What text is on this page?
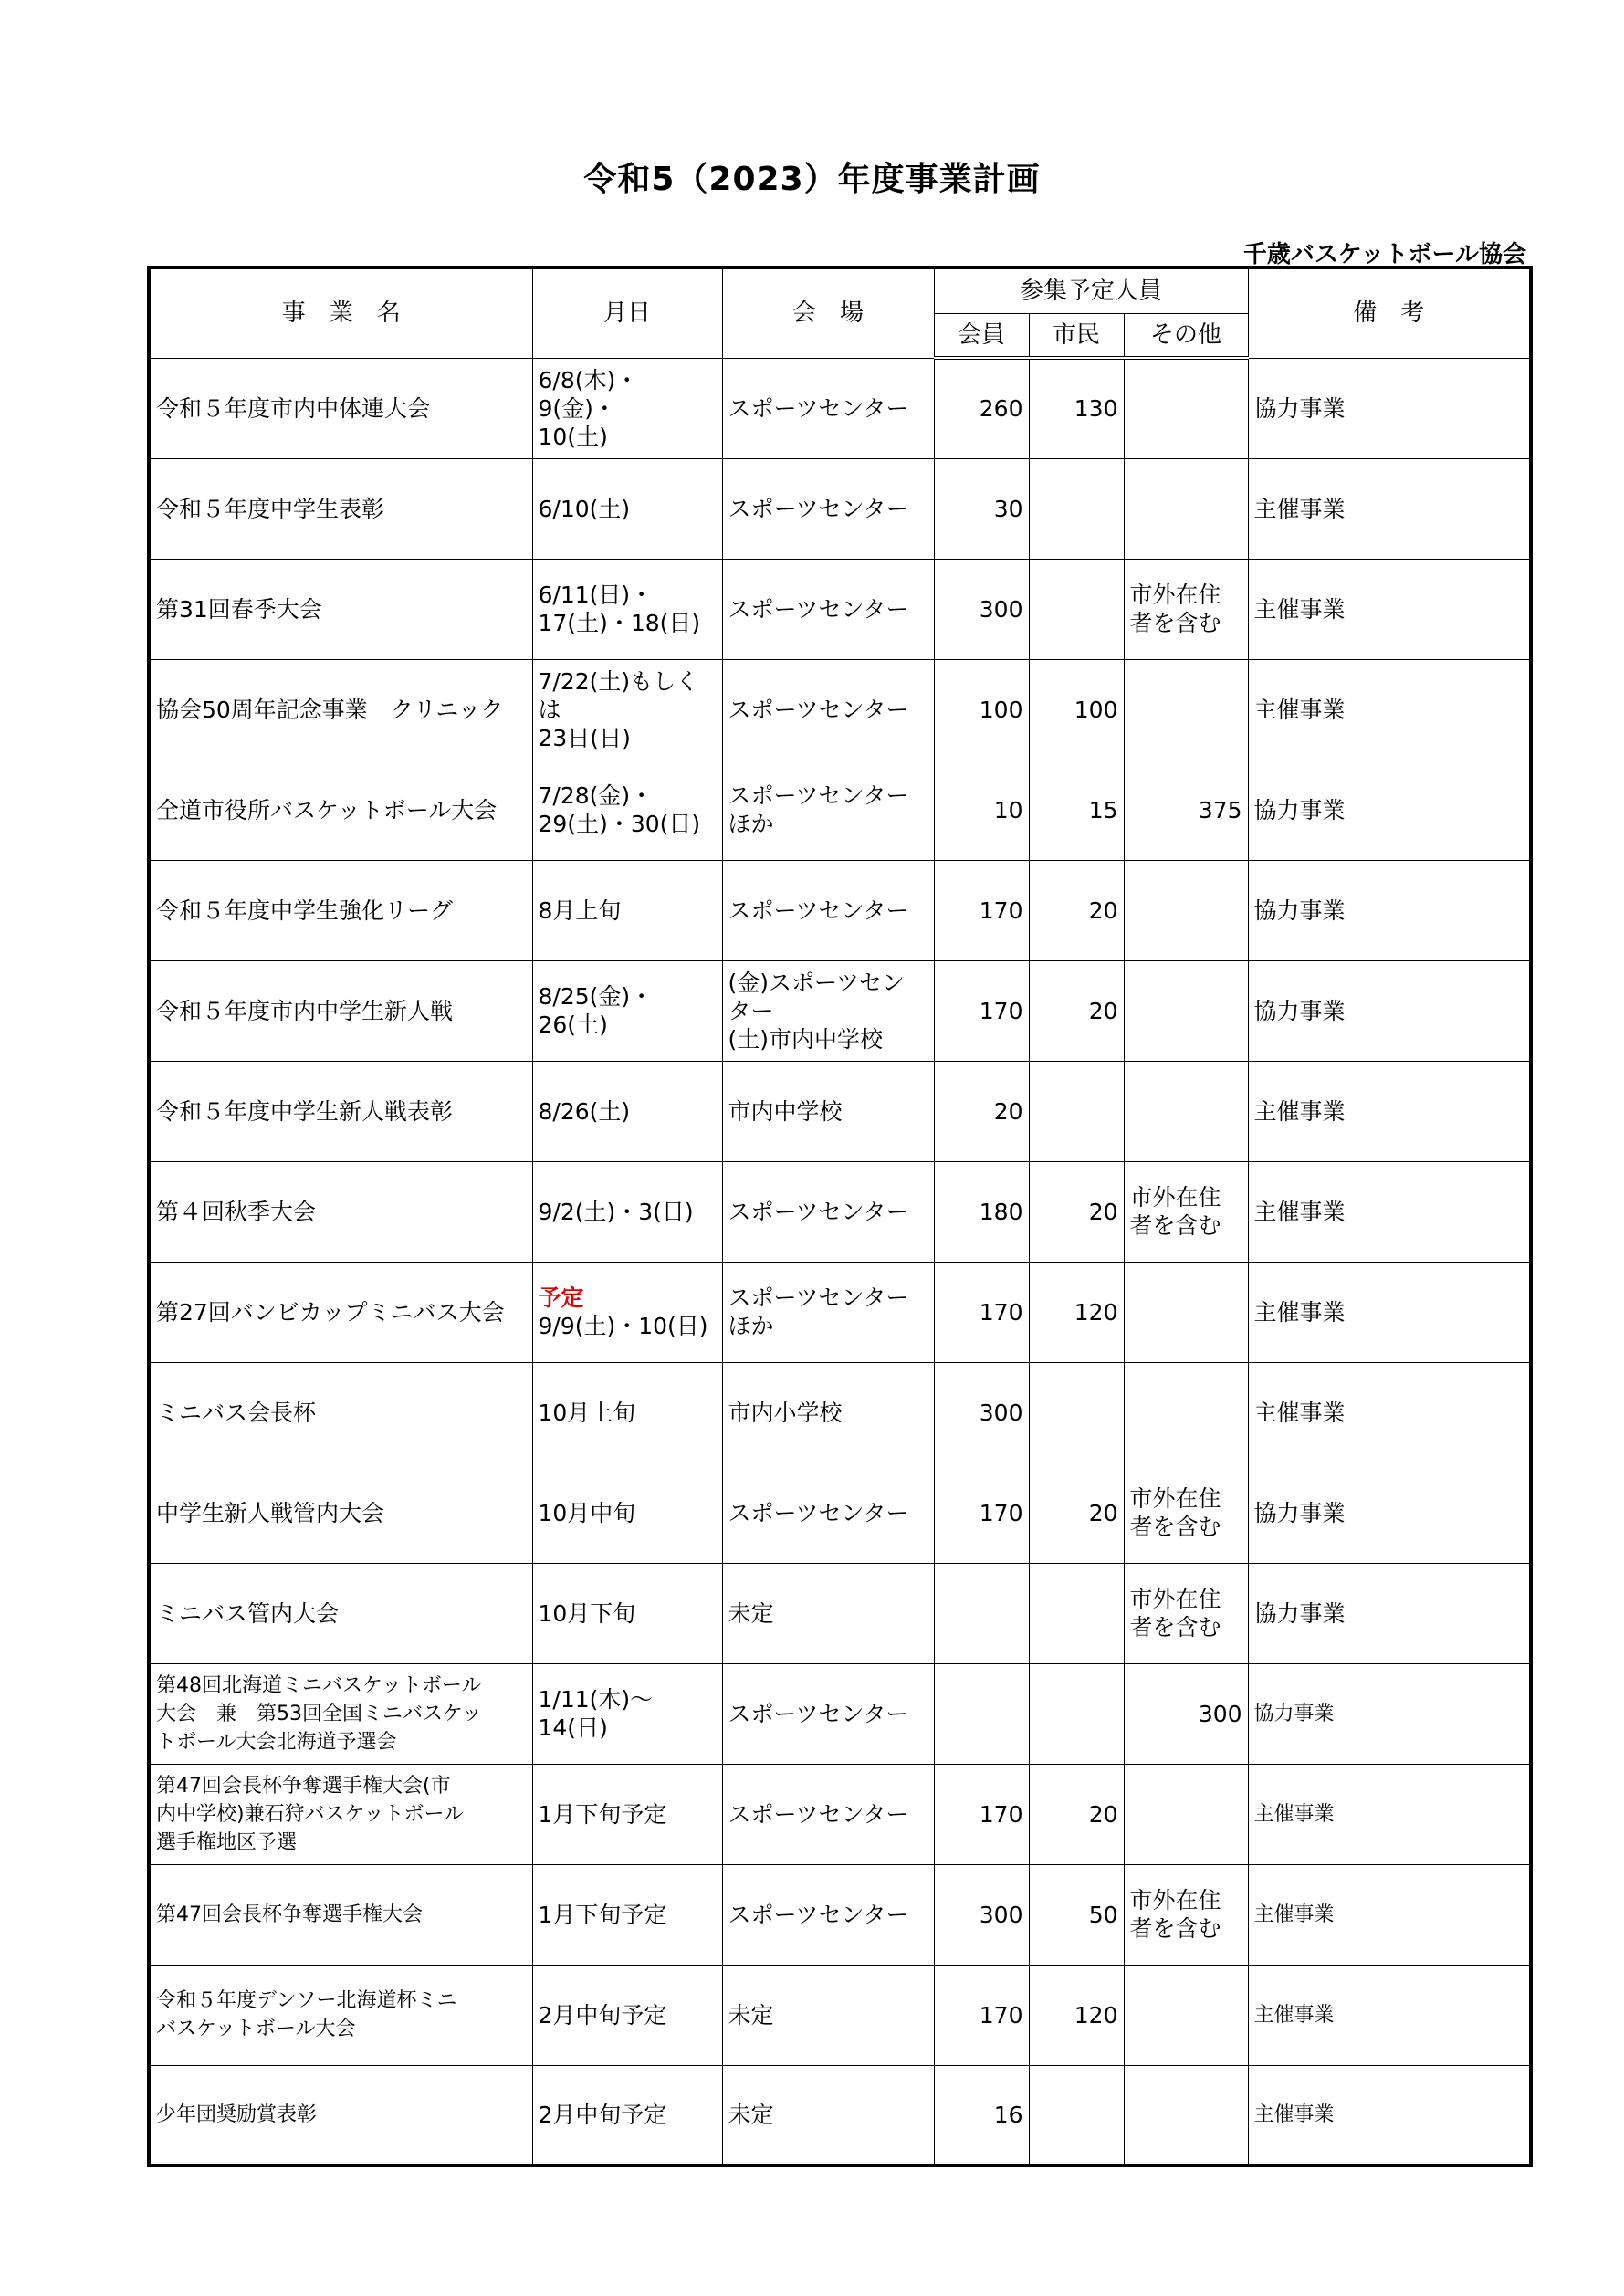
令和5（2023）年度事業計画
千歳バスケットボール協会
事　業　名	月日	会　場	参集予定人員			備　考
			会員	市民	その他	
令和５年度市内中体連大会	6/8(木)・9(金)・
10(土)	スポーツセンター	260	130		協力事業
令和５年度中学生表彰	6/10(土)	スポーツセンター	30			主催事業
第31回春季大会	6/11(日)・
17(土)・18(日)	スポーツセンター	300		市外在住
者を含む	主催事業
協会50周年記念事業　クリニック	7/22(土)もしくは
23日(日)	スポーツセンター	100	100		主催事業
全道市役所バスケットボール大会	7/28(金)・
29(土)・30(日)	スポーツセンター
ほか	10	15	375	協力事業
令和５年度中学生強化リーグ	8月上旬	スポーツセンター	170	20		協力事業
令和５年度市内中学生新人戦	8/25(金)・26(土)	(金)スポーツセン
ター
(土)市内中学校	170	20		協力事業
令和５年度中学生新人戦表彰	8/26(土)	市内中学校	20			主催事業
第４回秋季大会	9/2(土)・3(日)	スポーツセンター	180	20	市外在住
者を含む	主催事業
第27回バンビカップミニバス大会	予定
9/9(土)・10(日)	スポーツセンター
ほか	170	120		主催事業
ミニバス会長杯	10月上旬	市内小学校	300			主催事業
中学生新人戦管内大会	10月中旬	スポーツセンター	170	20	市外在住
者を含む	協力事業
ミニバス管内大会	10月下旬	未定			市外在住
者を含む	協力事業
第48回北海道ミニバスケットボール
大会　兼　第53回全国ミニバスケッ
トボール大会北海道予選会	1/11(木)～
14(日)	スポーツセンター			300	協力事業
第47回会長杯争奪選手権大会(市
内中学校)兼石狩バスケットボール
選手権地区予選	1月下旬予定	スポーツセンター	170	20		主催事業
第47回会長杯争奪選手権大会	1月下旬予定	スポーツセンター	300	50	市外在住
者を含む	主催事業
令和５年度デンソー北海道杯ミニ
バスケットボール大会	2月中旬予定	未定	170	120		主催事業
少年団奨励賞表彰	2月中旬予定	未定	16			主催事業
